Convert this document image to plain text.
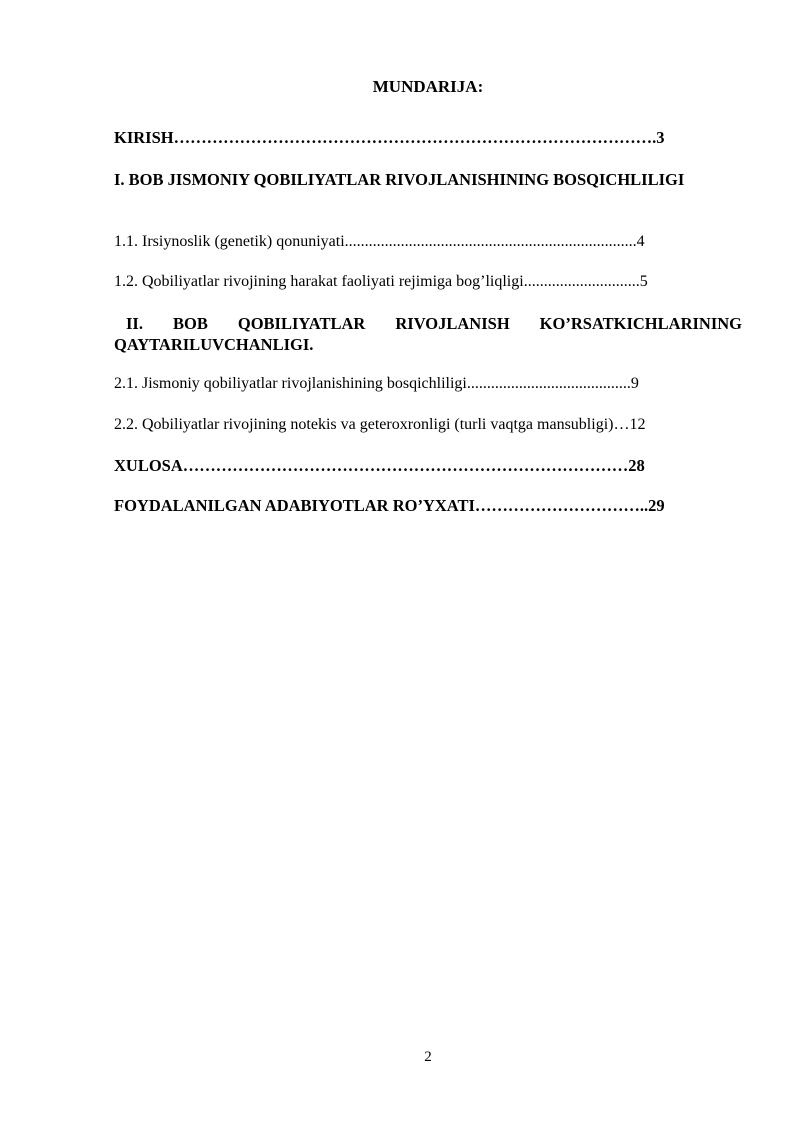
MUNDARIJA:
KIRISH…………………………………………………………………………….3
I. BOB JISMONIY QOBILIYATLAR RIVOJLANISHINING BOSQICHLILIGI
1.1. Irsiynoslik (genetik) qonuniyati.........................................................................4
1.2. Qobiliyatlar rivojining harakat faoliyati rejimiga bog’liqligi.............................5
II. BOB QOBILIYATLAR RIVOJLANISH KO’RSATKICHLARINING QAYTARILUVCHANLIGI.
2.1. Jismoniy qobiliyatlar rivojlanishining bosqichliligi.........................................9
2.2. Qobiliyatlar rivojining notekis va geteroxronligi (turli vaqtga mansubligi)…12
XULOSA………………………………………………………………………28
FOYDALANILGAN ADABIYOTLAR RO’YXATI…………………………..29
2
